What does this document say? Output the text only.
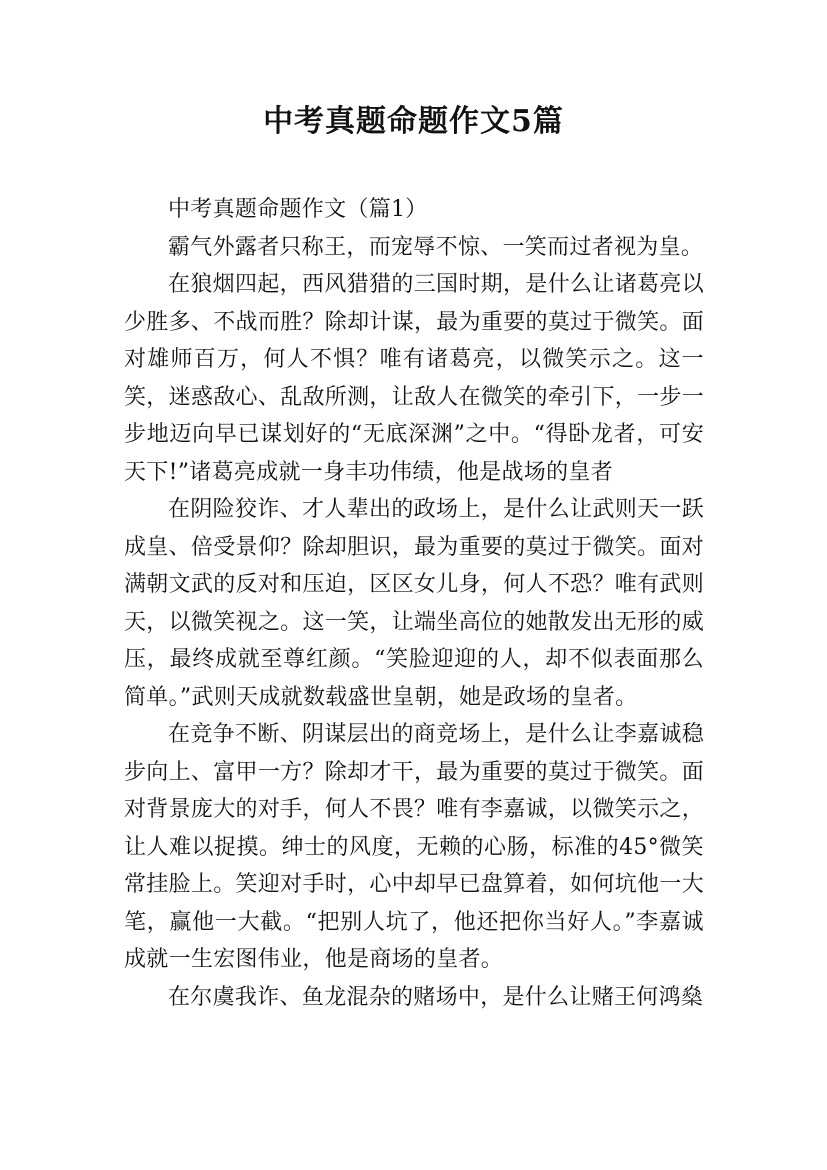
中考真题命题作文5篇

中考真题命题作文（篇1）

霸气外露者只称王，而宠辱不惊、一笑而过者视为皇。

在狼烟四起，西风猎猎的三国时期，是什么让诸葛亮以少胜多、不战而胜？除却计谋，最为重要的莫过于微笑。面对雄师百万，何人不惧？唯有诸葛亮，以微笑示之。这一笑，迷惑敌心、乱敌所测，让敌人在微笑的牵引下，一步一步地迈向早已谋划好的“无底深渊”之中。“得卧龙者，可安天下!”诸葛亮成就一身丰功伟绩，他是战场的皇者

在阴险狡诈、才人辈出的政场上，是什么让武则天一跃成皇、倍受景仰？除却胆识，最为重要的莫过于微笑。面对满朝文武的反对和压迫，区区女儿身，何人不恐？唯有武则天，以微笑视之。这一笑，让端坐高位的她散发出无形的威压，最终成就至尊红颜。“笑脸迎迎的人，却不似表面那么简单。”武则天成就数载盛世皇朝，她是政场的皇者。

在竞争不断、阴谋层出的商竞场上，是什么让李嘉诚稳步向上、富甲一方？除却才干，最为重要的莫过于微笑。面对背景庞大的对手，何人不畏？唯有李嘉诚，以微笑示之，让人难以捉摸。绅士的风度，无赖的心肠，标准的45°微笑常挂脸上。笑迎对手时，心中却早已盘算着，如何坑他一大笔，赢他一大截。“把别人坑了，他还把你当好人。”李嘉诚成就一生宏图伟业，他是商场的皇者。

在尔虞我诈、鱼龙混杂的赌场中，是什么让赌王何鸿燊
